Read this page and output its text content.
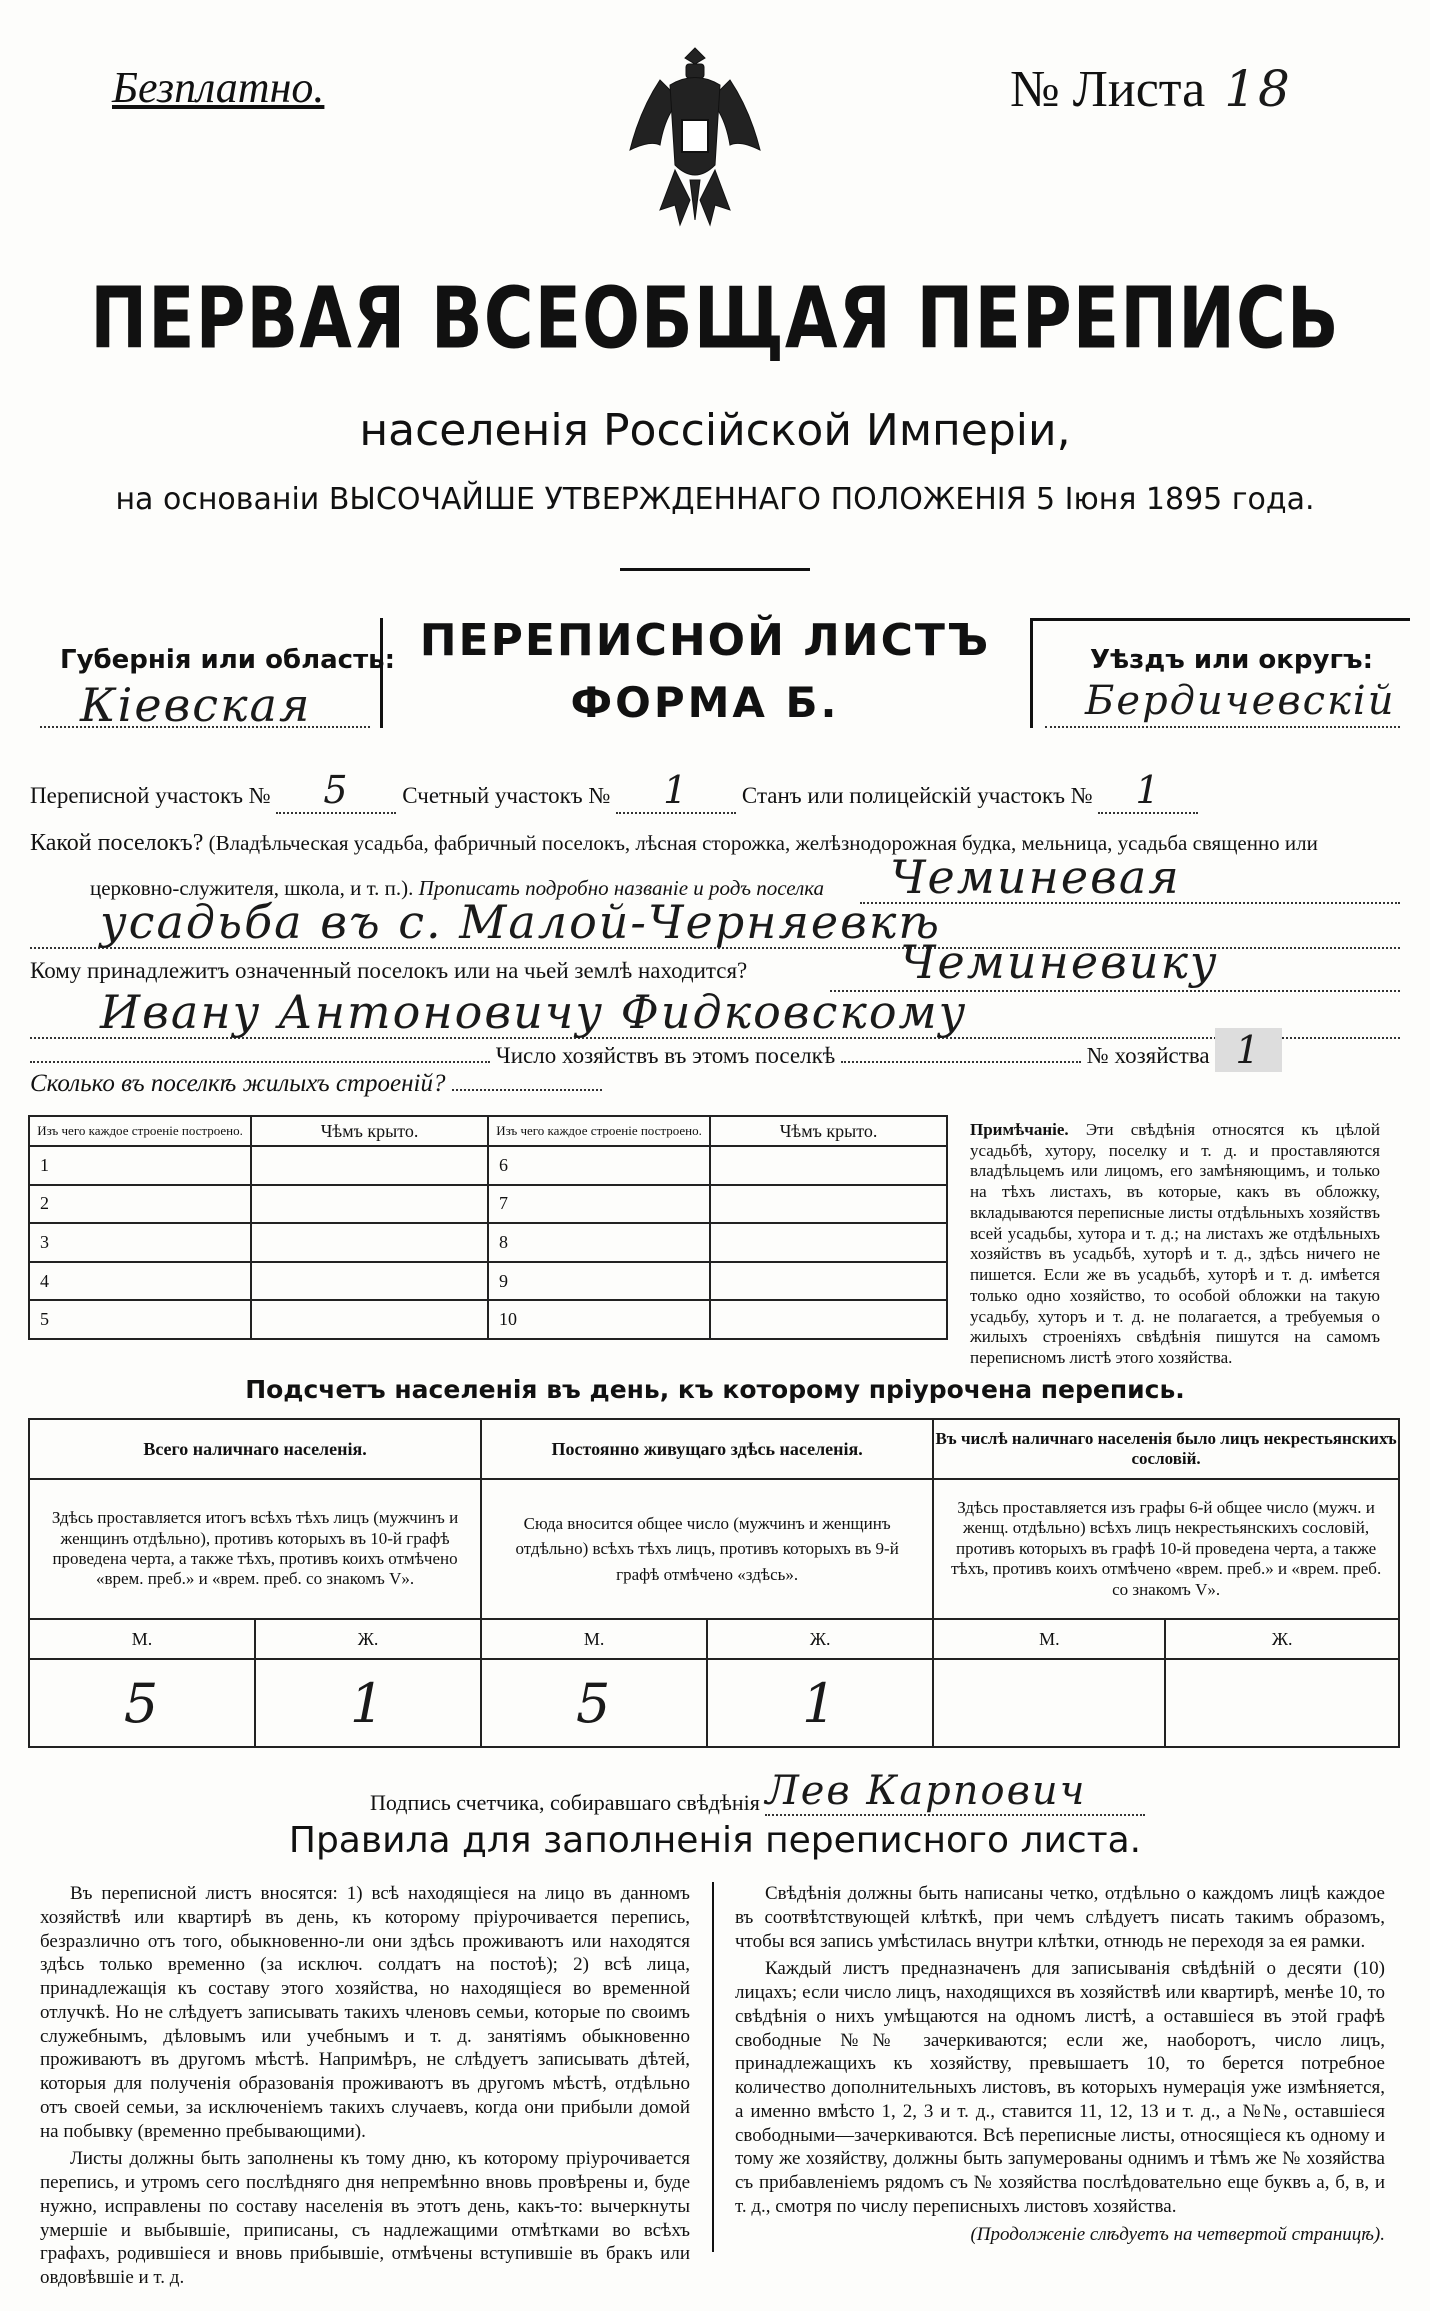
Безплатно.	№ Листа 18
ПЕРВАЯ ВСЕОБЩАЯ ПЕРЕПИСЬ
населенія Россійской Имперіи,
на основаніи ВЫСОЧАЙШЕ УТВЕРЖДЕННАГО ПОЛОЖЕНІЯ 5 Іюня 1895 года.
Губернія или область:
Кіевская
ПЕРЕПИСНОЙ ЛИСТЪ
ФОРМА Б.
Уѣздъ или округъ:
Бердичевскій
Переписной участокъ № 5 Счетный участокъ № 1 Станъ или полицейскій участокъ № 1
Какой поселокъ? (Владѣльческая усадьба, фабричный поселокъ, лѣсная сторожка, желѣзнодорожная будка, мельница, усадьба священно или
церковно-служителя, школа, и т. п.). Прописать подробно названіе и родъ поселка Чеминевая
усадьба въ с. Малой-Черняевкѣ
Кому принадлежитъ означенный поселокъ или на чьей землѣ находится?	Чеминевику
Ивану Антоновичу Фидковскому
Число хозяйствъ въ этомъ поселкѣ	№ хозяйства 1
Сколько въ поселкѣ жилыхъ строеній?
Изъ чего каждое строеніе построено.	Чѣмъ крыто.	Изъ чего каждое строеніе построено.	Чѣмъ крыто.
1		6	
2		7	
3		8	
4		9	
5		10	
Примѣчаніе. Эти свѣдѣнія относятся къ цѣлой усадьбѣ, хутору, поселку и т. д. и проставляются владѣльцемъ или лицомъ, его замѣняющимъ, и только на тѣхъ листахъ, въ которые, какъ въ обложку, вкладываются переписные листы отдѣльныхъ хозяйствъ всей усадьбы, хутора и т. д.; на листахъ же отдѣльныхъ хозяйствъ въ усадьбѣ, хуторѣ и т. д., здѣсь ничего не пишется. Если же въ усадьбѣ, хуторѣ и т. д. имѣется только одно хозяйство, то особой обложки на такую усадьбу, хуторъ и т. д. не полагается, а требуемыя о жилыхъ строеніяхъ свѣдѣнія пишутся на самомъ переписномъ листѣ этого хозяйства.
Подсчетъ населенія въ день, къ которому пріурочена перепись.
Всего наличнаго населенія.		Постоянно живущаго здѣсь населенія.		Въ числѣ наличнаго населенія было лицъ некрестьянскихъ сословій.	
Здѣсь проставляется итогъ всѣхъ тѣхъ лицъ (мужчинъ и женщинъ отдѣльно), противъ которыхъ въ 10-й графѣ проведена черта, а также тѣхъ, противъ коихъ отмѣчено «врем. преб.» и «врем. преб. со знакомъ V».		Сюда вносится общее число (мужчинъ и женщинъ отдѣльно) всѣхъ тѣхъ лицъ, противъ которыхъ въ 9-й графѣ отмѣчено «здѣсь».		Здѣсь проставляется изъ графы 6-й общее число (мужч. и женщ. отдѣльно) всѣхъ лицъ некрестьянскихъ сословій, противъ которыхъ въ графѣ 10-й проведена черта, а также тѣхъ, противъ коихъ отмѣчено «врем. преб.» и «врем. преб. со знакомъ V».	
М.	Ж.	М.	Ж.	М.	Ж.
5	1	5	1		
Подпись счетчика, собиравшаго свѣдѣнія Лев Карпович
Правила для заполненія переписного листа.

Въ переписной листъ вносятся: 1) всѣ находящіеся на лицо въ данномъ хозяйствѣ или квартирѣ въ день, къ которому пріурочивается перепись, безразлично отъ того, обыкновенно-ли они здѣсь проживаютъ или находятся здѣсь только временно (за исключ. солдатъ на постоѣ); 2) всѣ лица, принадлежащія къ составу этого хозяйства, но находящіеся во временной отлучкѣ. Но не слѣдуетъ записывать такихъ членовъ семьи, которые по своимъ служебнымъ, дѣловымъ или учебнымъ и т. д. занятіямъ обыкновенно проживаютъ въ другомъ мѣстѣ. Напримѣръ, не слѣдуетъ записывать дѣтей, которыя для полученія образованія проживаютъ въ другомъ мѣстѣ, отдѣльно отъ своей семьи, за исключеніемъ такихъ случаевъ, когда они прибыли домой на побывку (временно пребывающими).

Листы должны быть заполнены къ тому дню, къ которому пріурочивается перепись, и утромъ сего послѣдняго дня непремѣнно вновь провѣрены и, буде нужно, исправлены по составу населенія въ этотъ день, какъ-то: вычеркнуты умершіе и выбывшіе, приписаны, съ надлежащими отмѣтками во всѣхъ графахъ, родившіеся и вновь прибывшіе, отмѣчены вступившіе въ бракъ или овдовѣвшіе и т. д.

Свѣдѣнія должны быть написаны четко, отдѣльно о каждомъ лицѣ каждое въ соотвѣтствующей клѣткѣ, при чемъ слѣдуетъ писать такимъ образомъ, чтобы вся запись умѣстилась внутри клѣтки, отнюдь не переходя за ея рамки.

Каждый листъ предназначенъ для записыванія свѣдѣній о десяти (10) лицахъ; если число лицъ, находящихся въ хозяйствѣ или квартирѣ, менѣе 10, то свѣдѣнія о нихъ умѣщаются на одномъ листѣ, а оставшіеся въ этой графѣ свободные №№ зачеркиваются; если же, наоборотъ, число лицъ, принадлежащихъ къ хозяйству, превышаетъ 10, то берется потребное количество дополнительныхъ листовъ, въ которыхъ нумерація уже измѣняется, а именно вмѣсто 1, 2, 3 и т. д., ставится 11, 12, 13 и т. д., а №№, оставшіеся свободными—зачеркиваются. Всѣ переписные листы, относящіеся къ одному и тому же хозяйству, должны быть запумерованы однимъ и тѣмъ же № хозяйства съ прибавленіемъ рядомъ съ № хозяйства послѣдовательно еще буквъ а, б, в, и т. д., смотря по числу переписныхъ листовъ хозяйства.

(Продолженіе слѣдуетъ на четвертой страницѣ).
